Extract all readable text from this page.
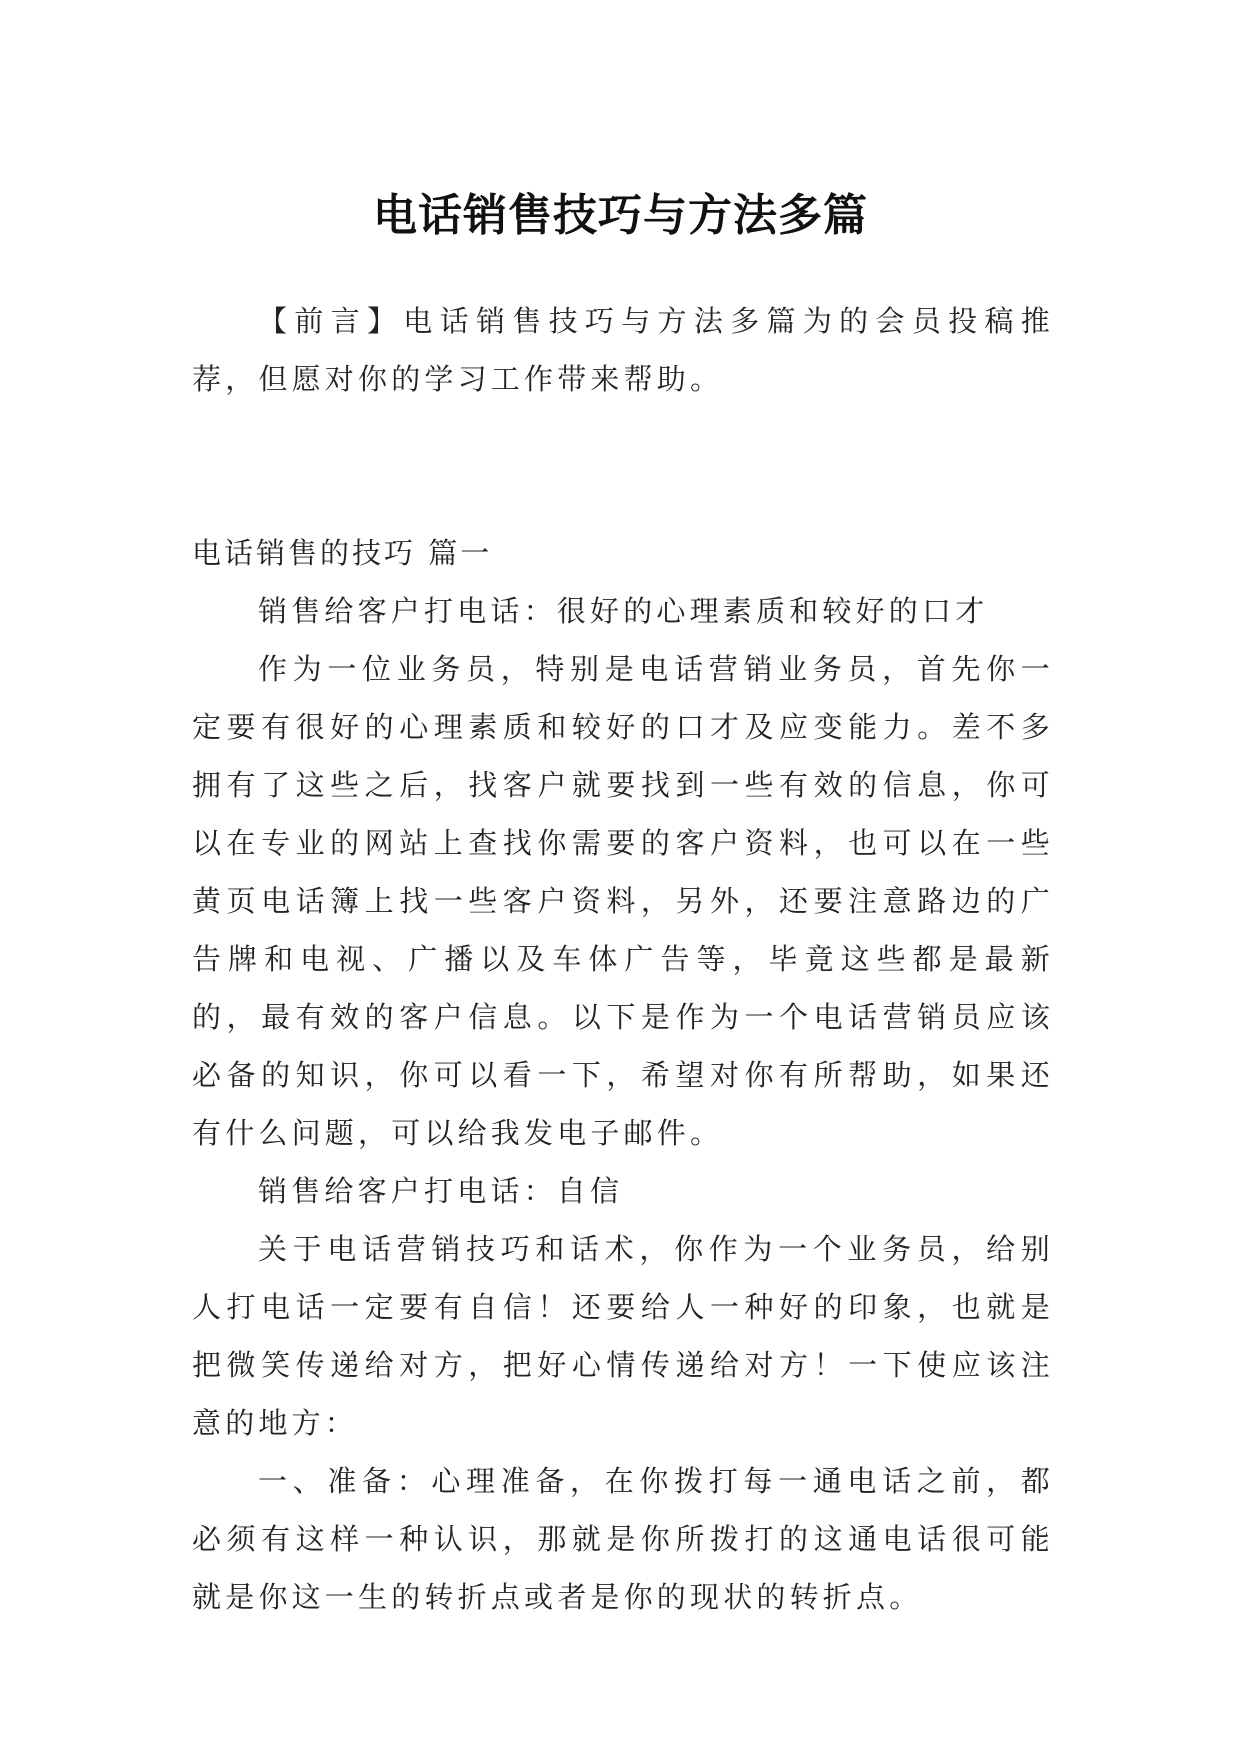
电话销售技巧与方法多篇

【前言】电话销售技巧与方法多篇为的会员投稿推荐，但愿对你的学习工作带来帮助。

电话销售的技巧 篇一

销售给客户打电话：很好的心理素质和较好的口才

作为一位业务员，特别是电话营销业务员，首先你一定要有很好的心理素质和较好的口才及应变能力。差不多拥有了这些之后，找客户就要找到一些有效的信息，你可以在专业的网站上查找你需要的客户资料，也可以在一些黄页电话簿上找一些客户资料，另外，还要注意路边的广告牌和电视、广播以及车体广告等，毕竟这些都是最新的，最有效的客户信息。以下是作为一个电话营销员应该必备的知识，你可以看一下，希望对你有所帮助，如果还有什么问题，可以给我发电子邮件。

销售给客户打电话：自信

关于电话营销技巧和话术，你作为一个业务员，给别人打电话一定要有自信！还要给人一种好的印象，也就是把微笑传递给对方，把好心情传递给对方！一下使应该注意的地方：

一、准备：心理准备，在你拨打每一通电话之前，都必须有这样一种认识，那就是你所拨打的这通电话很可能就是你这一生的转折点或者是你的现状的转折点。
